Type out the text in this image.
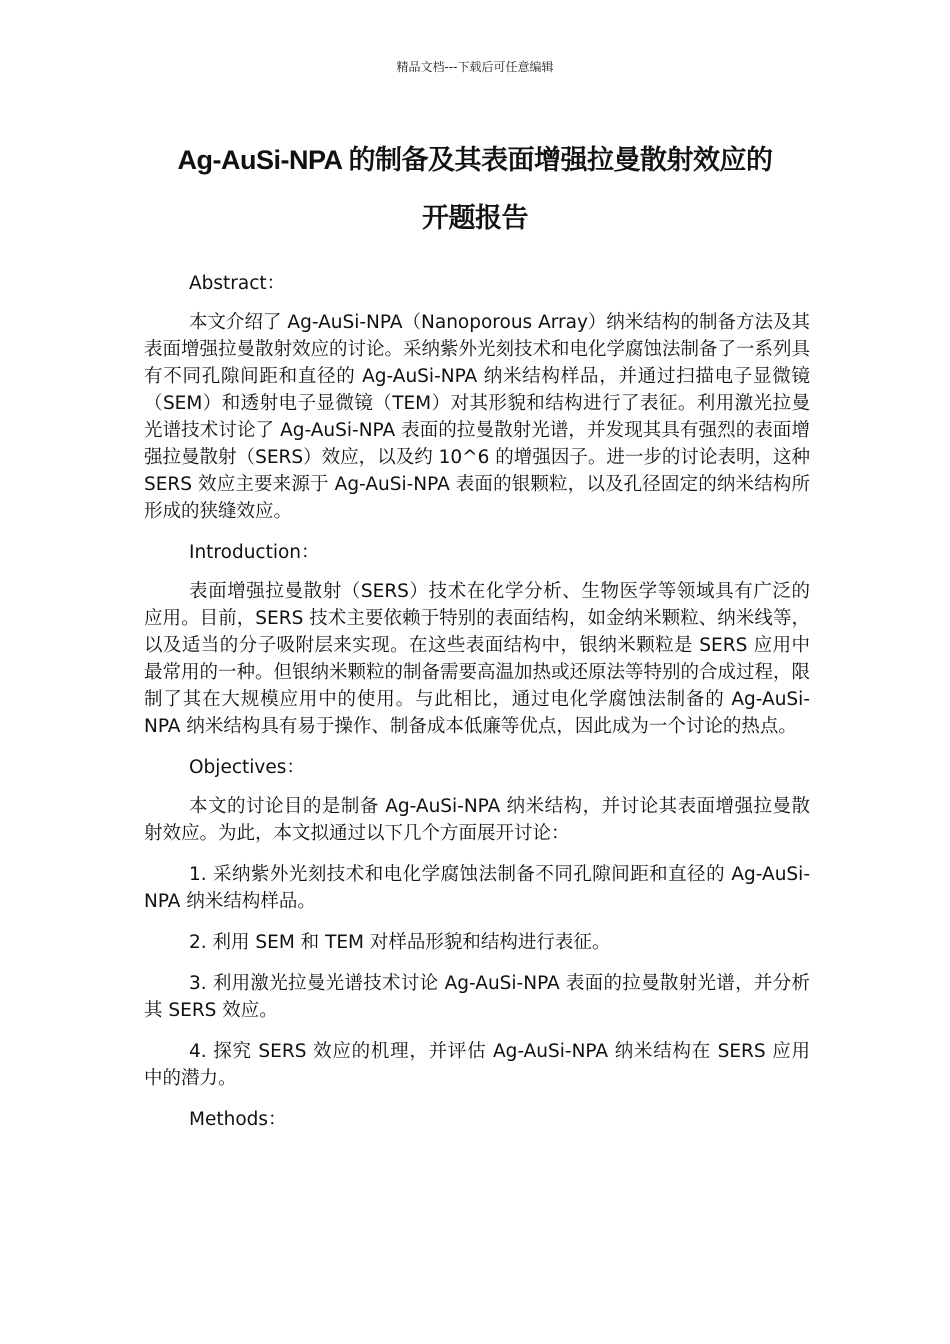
精品文档---下载后可任意编辑
Ag-AuSi-NPA 的制备及其表面增强拉曼散射效应的
开题报告

Abstract：

本文介绍了 Ag-AuSi-NPA（Nanoporous Array）纳米结构的制备方法及其表面增强拉曼散射效应的讨论。采纳紫外光刻技术和电化学腐蚀法制备了一系列具有不同孔隙间距和直径的 Ag-AuSi-NPA 纳米结构样品，并通过扫描电子显微镜（SEM）和透射电子显微镜（TEM）对其形貌和结构进行了表征。利用激光拉曼光谱技术讨论了 Ag-AuSi-NPA 表面的拉曼散射光谱，并发现其具有强烈的表面增强拉曼散射（SERS）效应，以及约 10^6 的增强因子。进一步的讨论表明，这种 SERS 效应主要来源于 Ag-AuSi-NPA 表面的银颗粒，以及孔径固定的纳米结构所形成的狭缝效应。

Introduction：

表面增强拉曼散射（SERS）技术在化学分析、生物医学等领域具有广泛的应用。目前，SERS 技术主要依赖于特别的表面结构，如金纳米颗粒、纳米线等，以及适当的分子吸附层来实现。在这些表面结构中，银纳米颗粒是 SERS 应用中最常用的一种。但银纳米颗粒的制备需要高温加热或还原法等特别的合成过程，限制了其在大规模应用中的使用。与此相比，通过电化学腐蚀法制备的 Ag-AuSi-NPA 纳米结构具有易于操作、制备成本低廉等优点，因此成为一个讨论的热点。

Objectives：

本文的讨论目的是制备 Ag-AuSi-NPA 纳米结构，并讨论其表面增强拉曼散射效应。为此，本文拟通过以下几个方面展开讨论：

1. 采纳紫外光刻技术和电化学腐蚀法制备不同孔隙间距和直径的 Ag-AuSi-NPA 纳米结构样品。

2. 利用 SEM 和 TEM 对样品形貌和结构进行表征。

3. 利用激光拉曼光谱技术讨论 Ag-AuSi-NPA 表面的拉曼散射光谱，并分析其 SERS 效应。

4. 探究 SERS 效应的机理，并评估 Ag-AuSi-NPA 纳米结构在 SERS 应用中的潜力。

Methods：
